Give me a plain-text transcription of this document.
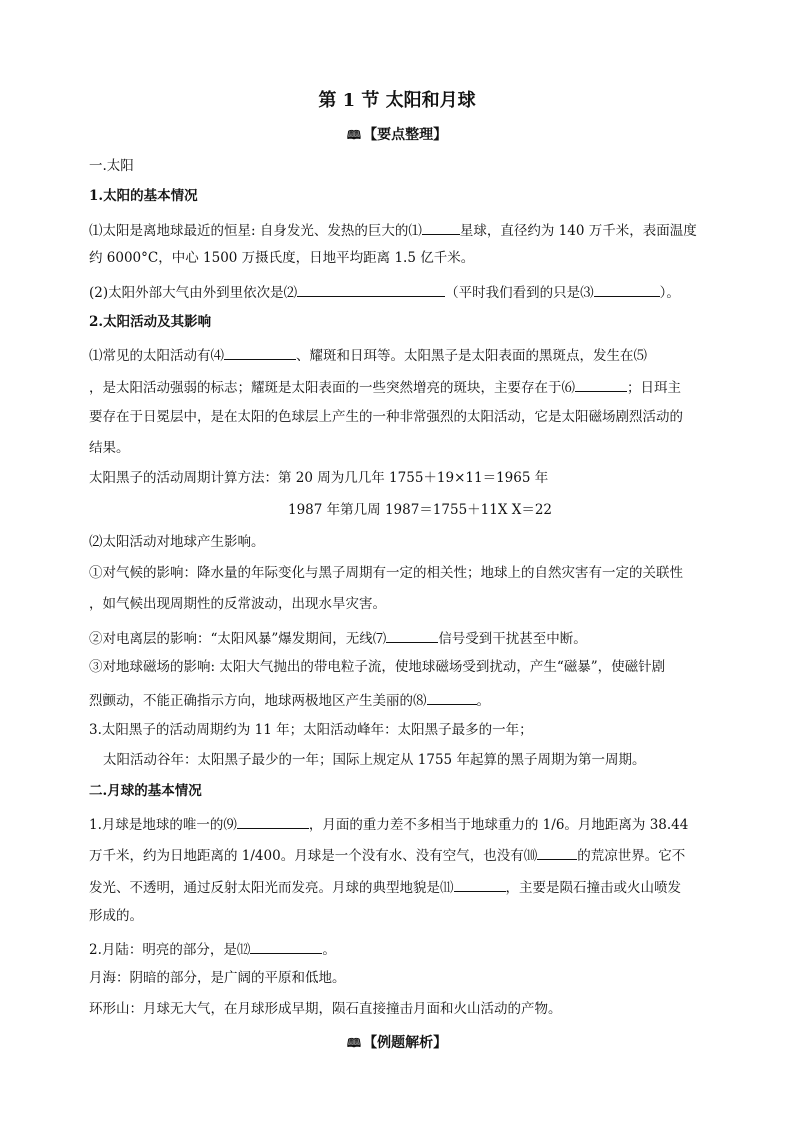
第 1 节 太阳和月球
🕮 【要点整理】
一.太阳
1.太阳的基本情况
⑴太阳是离地球最近的恒星: 自身发光、发热的巨大的⑴	星球，直径约为 140 万千米，表面温度
约 6000°C，中心 1500 万摄氏度，日地平均距离 1.5 亿千米。
(2)太阳外部大气由外到里依次是⑵	（平时我们看到的只是⑶	）。
2.太阳活动及其影响
⑴常见的太阳活动有⑷	、耀斑和日珥等。太阳黑子是太阳表面的黑斑点，发生在⑸
，是太阳活动强弱的标志；耀斑是太阳表面的一些突然增亮的斑块，主要存在于⑹	；日珥主
要存在于日冕层中，是在太阳的色球层上产生的一种非常强烈的太阳活动，它是太阳磁场剧烈活动的
结果。
太阳黑子的活动周期计算方法：第 20 周为几几年 1755＋19×11＝1965 年
1987 年第几周 1987＝1755＋11X X＝22
⑵太阳活动对地球产生影响。
①对气候的影响：降水量的年际变化与黑子周期有一定的相关性；地球上的自然灾害有一定的关联性
，如气候出现周期性的反常波动，出现水旱灾害。
②对电离层的影响：“太阳风暴”爆发期间，无线⑺	信号受到干扰甚至中断。
③对地球磁场的影响: 太阳大气抛出的带电粒子流，使地球磁场受到扰动，产生“磁暴”，使磁针剧
烈颤动，不能正确指示方向，地球两极地区产生美丽的⑻	。
3.太阳黑子的活动周期约为 11 年；太阳活动峰年：太阳黑子最多的一年；
太阳活动谷年：太阳黑子最少的一年；国际上规定从 1755 年起算的黑子周期为第一周期。
二.月球的基本情况
1.月球是地球的唯一的⑼	，月面的重力差不多相当于地球重力的 1/6。月地距离为 38.44
万千米，约为日地距离的 1/400。月球是一个没有水、没有空气，也没有⑽	的荒凉世界。它不
发光、不透明，通过反射太阳光而发亮。月球的典型地貌是⑾	，主要是陨石撞击或火山喷发
形成的。
2.月陆：明亮的部分，是⑿	。
月海：阴暗的部分，是广阔的平原和低地。
环形山：月球无大气，在月球形成早期，陨石直接撞击月面和火山活动的产物。
🕮 【例题解析】
